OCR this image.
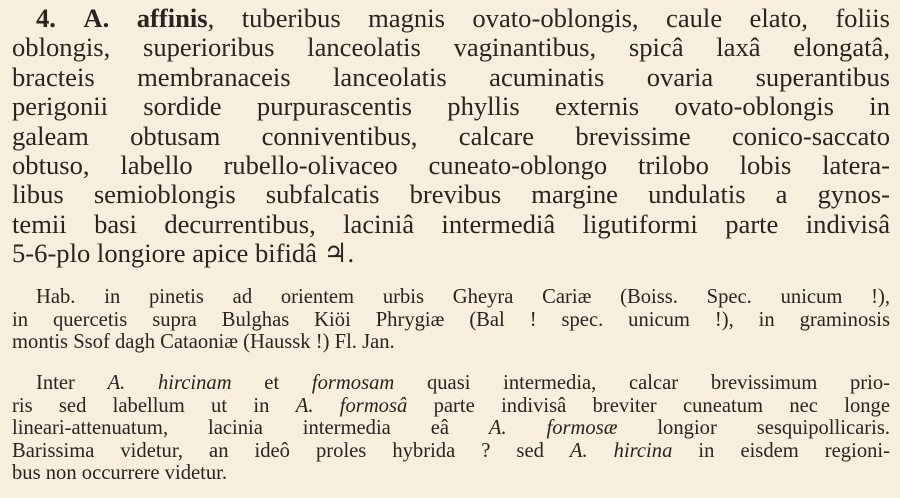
4. A. affinis, tuberibus magnis ovato-oblongis, caule elato, foliis
oblongis, superioribus lanceolatis vaginantibus, spicâ laxâ elongatâ,
bracteis membranaceis lanceolatis acuminatis ovaria superantibus
perigonii sordide purpurascentis phyllis externis ovato-oblongis in
galeam obtusam conniventibus, calcare brevissime conico-saccato
obtuso, labello rubello-olivaceo cuneato-oblongo trilobo lobis latera-
libus semioblongis subfalcatis brevibus margine undulatis a gynos-
temii basi decurrentibus, laciniâ intermediâ ligutiformi parte indivisâ
5-6-plo longiore apice bifidâ ♃.
Hab. in pinetis ad orientem urbis Gheyra Cariæ (Boiss. Spec. unicum !),
in quercetis supra Bulghas Kiöi Phrygiæ (Bal ! spec. unicum !), in graminosis
montis Ssof dagh Cataoniæ (Haussk !) Fl. Jan.
Inter A. hircinam et formosam quasi intermedia, calcar brevissimum prio-
ris sed labellum ut in A. formosâ parte indivisâ breviter cuneatum nec longe
lineari-attenuatum, lacinia intermedia eâ A. formosæ longior sesquipollicaris.
Barissima videtur, an ideô proles hybrida ? sed A. hircina in eisdem regioni-
bus non occurrere videtur.
